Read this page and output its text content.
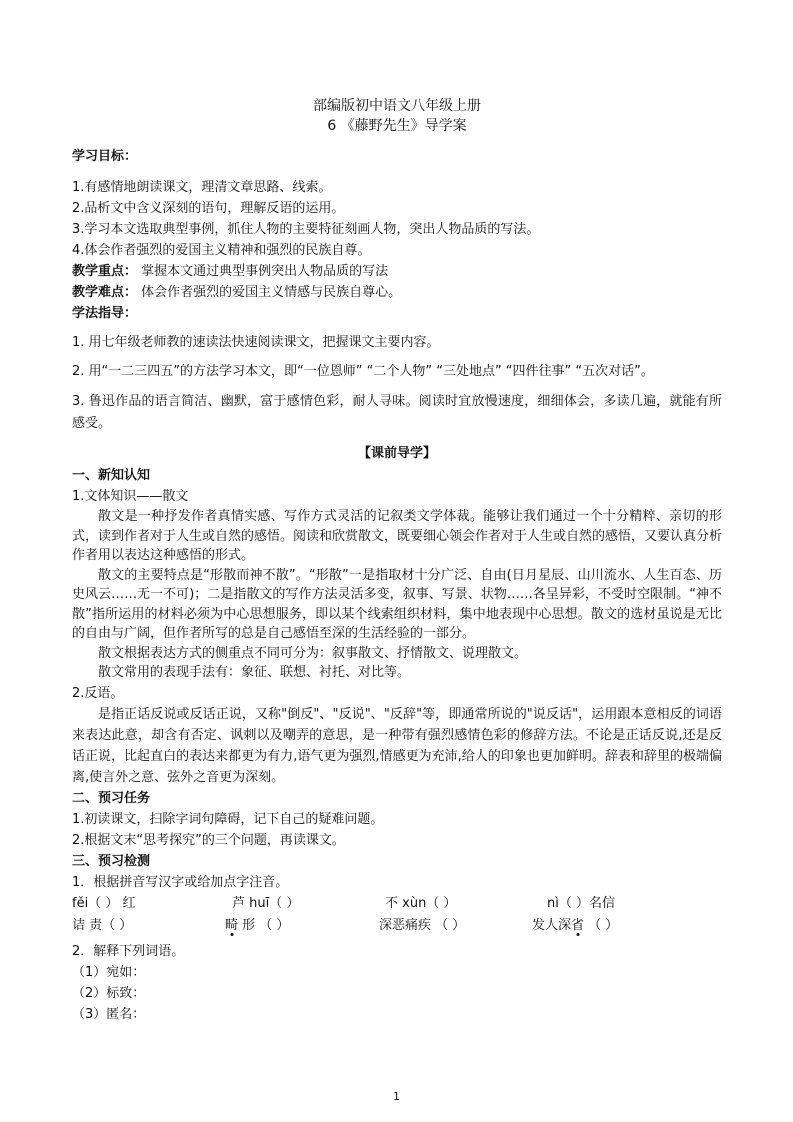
部编版初中语文八年级上册
6 《藤野先生》导学案
学习目标：
1.有感情地朗读课文，理清文章思路、线索。
2.品析文中含义深刻的语句，理解反语的运用。
3.学习本文选取典型事例，抓住人物的主要特征刻画人物，突出人物品质的写法。
4.体会作者强烈的爱国主义精神和强烈的民族自尊。
教学重点： 掌握本文通过典型事例突出人物品质的写法
教学难点： 体会作者强烈的爱国主义情感与民族自尊心。
学法指导：
1. 用七年级老师教的速读法快速阅读课文，把握课文主要内容。
2. 用“一二三四五”的方法学习本文，即“一位恩师” “二个人物” “三处地点” “四件往事” “五次对话”。
3. 鲁迅作品的语言简洁、幽默，富于感情色彩，耐人寻味。阅读时宜放慢速度，细细体会，多读几遍，就能有所感受。
【课前导学】
一、新知认知
1.文体知识——散文
散文是一种抒发作者真情实感、写作方式灵活的记叙类文学体裁。能够让我们通过一个十分精粹、亲切的形式，读到作者对于人生或自然的感悟。阅读和欣赏散文，既要细心领会作者对于人生或自然的感悟，又要认真分析作者用以表达这种感悟的形式。
散文的主要特点是“形散而神不散”。“形散”一是指取材十分广泛、自由(日月星辰、山川流水、人生百态、历史风云……无一不可)；二是指散文的写作方法灵活多变，叙事、写景、状物……各呈异彩，不受时空限制。“神不散”指所运用的材料必须为中心思想服务，即以某个线索组织材料，集中地表现中心思想。散文的选材虽说是无比的自由与广阔，但作者所写的总是自己感悟至深的生活经验的一部分。
散文根据表达方式的侧重点不同可分为：叙事散文、抒情散文、说理散文。
散文常用的表现手法有：象征、联想、衬托、对比等。
2.反语。
是指正话反说或反话正说，又称"倒反"、"反说"、"反辞"等，即通常所说的"说反话"，运用跟本意相反的词语来表达此意，却含有否定、讽刺以及嘲弄的意思，是一种带有强烈感情色彩的修辞方法。不论是正话反说,还是反话正说，比起直白的表达来都更为有力,语气更为强烈,情感更为充沛,给人的印象也更加鲜明。辞表和辞里的极端偏离,使言外之意、弦外之音更为深刻。
二、预习任务
1.初读课文，扫除字词句障碍，记下自己的疑难问题。
2.根据文末“思考探究”的三个问题，再读课文。
三、预习检测
1．根据拼音写汉字或给加点字注音。
fěi（ ） 红	芦 huī（ ）	不 xùn（ ）	nì（ ）名信
诘 责（ ）	畸 形 （ ）	深恶痛疾 （ ）	发人深省 （ ）
2．解释下列词语。
（1）宛如：
（2）标致：
（3）匿名：
1
